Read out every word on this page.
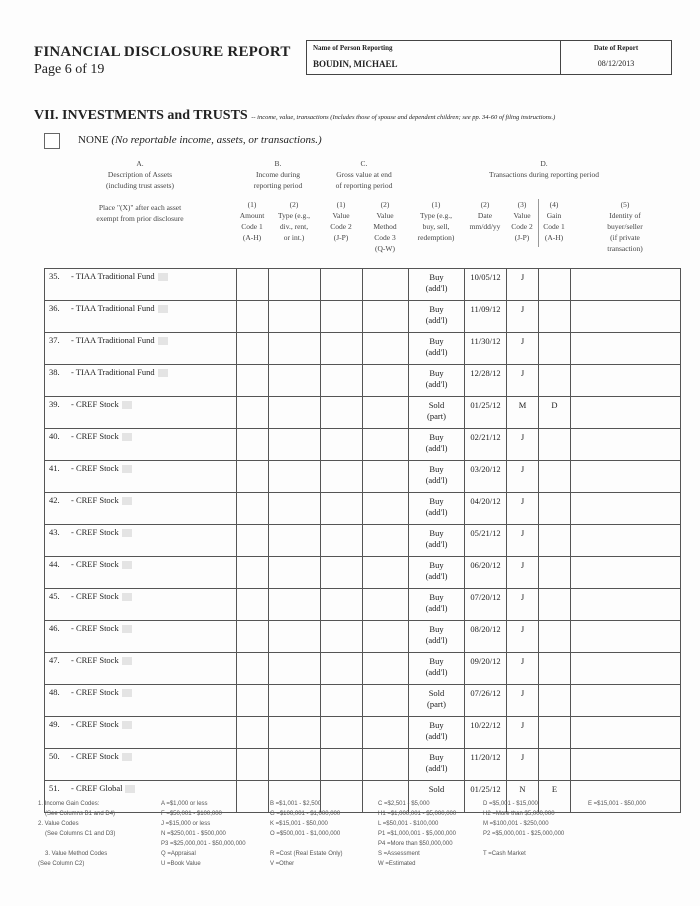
FINANCIAL DISCLOSURE REPORT
Page 6 of 19
Name of Person Reporting
BOUDIN, MICHAEL
Date of Report
08/12/2013
VII. INVESTMENTS and TRUSTS -- income, value, transactions (Includes those of spouse and dependent children; see pp. 34-60 of filing instructions.)
NONE (No reportable income, assets, or transactions.)
A.
Description of Assets
(including trust assets)
Place "(X)" after each asset
exempt from prior disclosure
B.
Income during
reporting period
C.
Gross value at end
of reporting period
D.
Transactions during reporting period
(1)
Amount
Code 1
(A-H)
(2)
Type (e.g.,
div., rent,
or int.)
(1)
Value
Code 2
(J-P)
(2)
Value
Method
Code 3
(Q-W)
(1)
Type (e.g.,
buy, sell,
redemption)
(2)
Date
mm/dd/yy
(3)
Value
Code 2
(J-P)
(4)
Gain
Code 1
(A-H)
(5)
Identity of
buyer/seller
(if private
transaction)
35. - TIAA Traditional Fund					Buy
(add'l)	10/05/12	J		
36. - TIAA Traditional Fund					Buy
(add'l)	11/09/12	J		
37. - TIAA Traditional Fund					Buy
(add'l)	11/30/12	J		
38. - TIAA Traditional Fund					Buy
(add'l)	12/28/12	J		
39. - CREF Stock					Sold
(part)	01/25/12	M	D	
40. - CREF Stock					Buy
(add'l)	02/21/12	J		
41. - CREF Stock					Buy
(add'l)	03/20/12	J		
42. - CREF Stock					Buy
(add'l)	04/20/12	J		
43. - CREF Stock					Buy
(add'l)	05/21/12	J		
44. - CREF Stock					Buy
(add'l)	06/20/12	J		
45. - CREF Stock					Buy
(add'l)	07/20/12	J		
46. - CREF Stock					Buy
(add'l)	08/20/12	J		
47. - CREF Stock					Buy
(add'l)	09/20/12	J		
48. - CREF Stock					Sold
(part)	07/26/12	J		
49. - CREF Stock					Buy
(add'l)	10/22/12	J		
50. - CREF Stock					Buy
(add'l)	11/20/12	J		
51. - CREF Global					Sold	01/25/12	N	E	
1. Income Gain Codes:
(See Columns B1 and D4)
2. Value Codes
(See Columns C1 and D3)
3. Value Method Codes
(See Column C2)
A =$1,000 or less
F =$50,001 - $100,000
J =$15,000 or less
N =$250,001 - $500,000
P3 =$25,000,001 - $50,000,000
Q =Appraisal
U =Book Value
B =$1,001 - $2,500
G =$100,001 - $1,000,000
K =$15,001 - $50,000
O =$500,001 - $1,000,000
R =Cost (Real Estate Only)
V =Other
C =$2,501 - $5,000
H1 =$1,000,001 - $5,000,000
L =$50,001 - $100,000
P1 =$1,000,001 - $5,000,000
P4 =More than $50,000,000
S =Assessment
W =Estimated
D =$5,001 - $15,000
H2 =More than $5,000,000
M =$100,001 - $250,000
P2 =$5,000,001 - $25,000,000
T =Cash Market
E =$15,001 - $50,000
